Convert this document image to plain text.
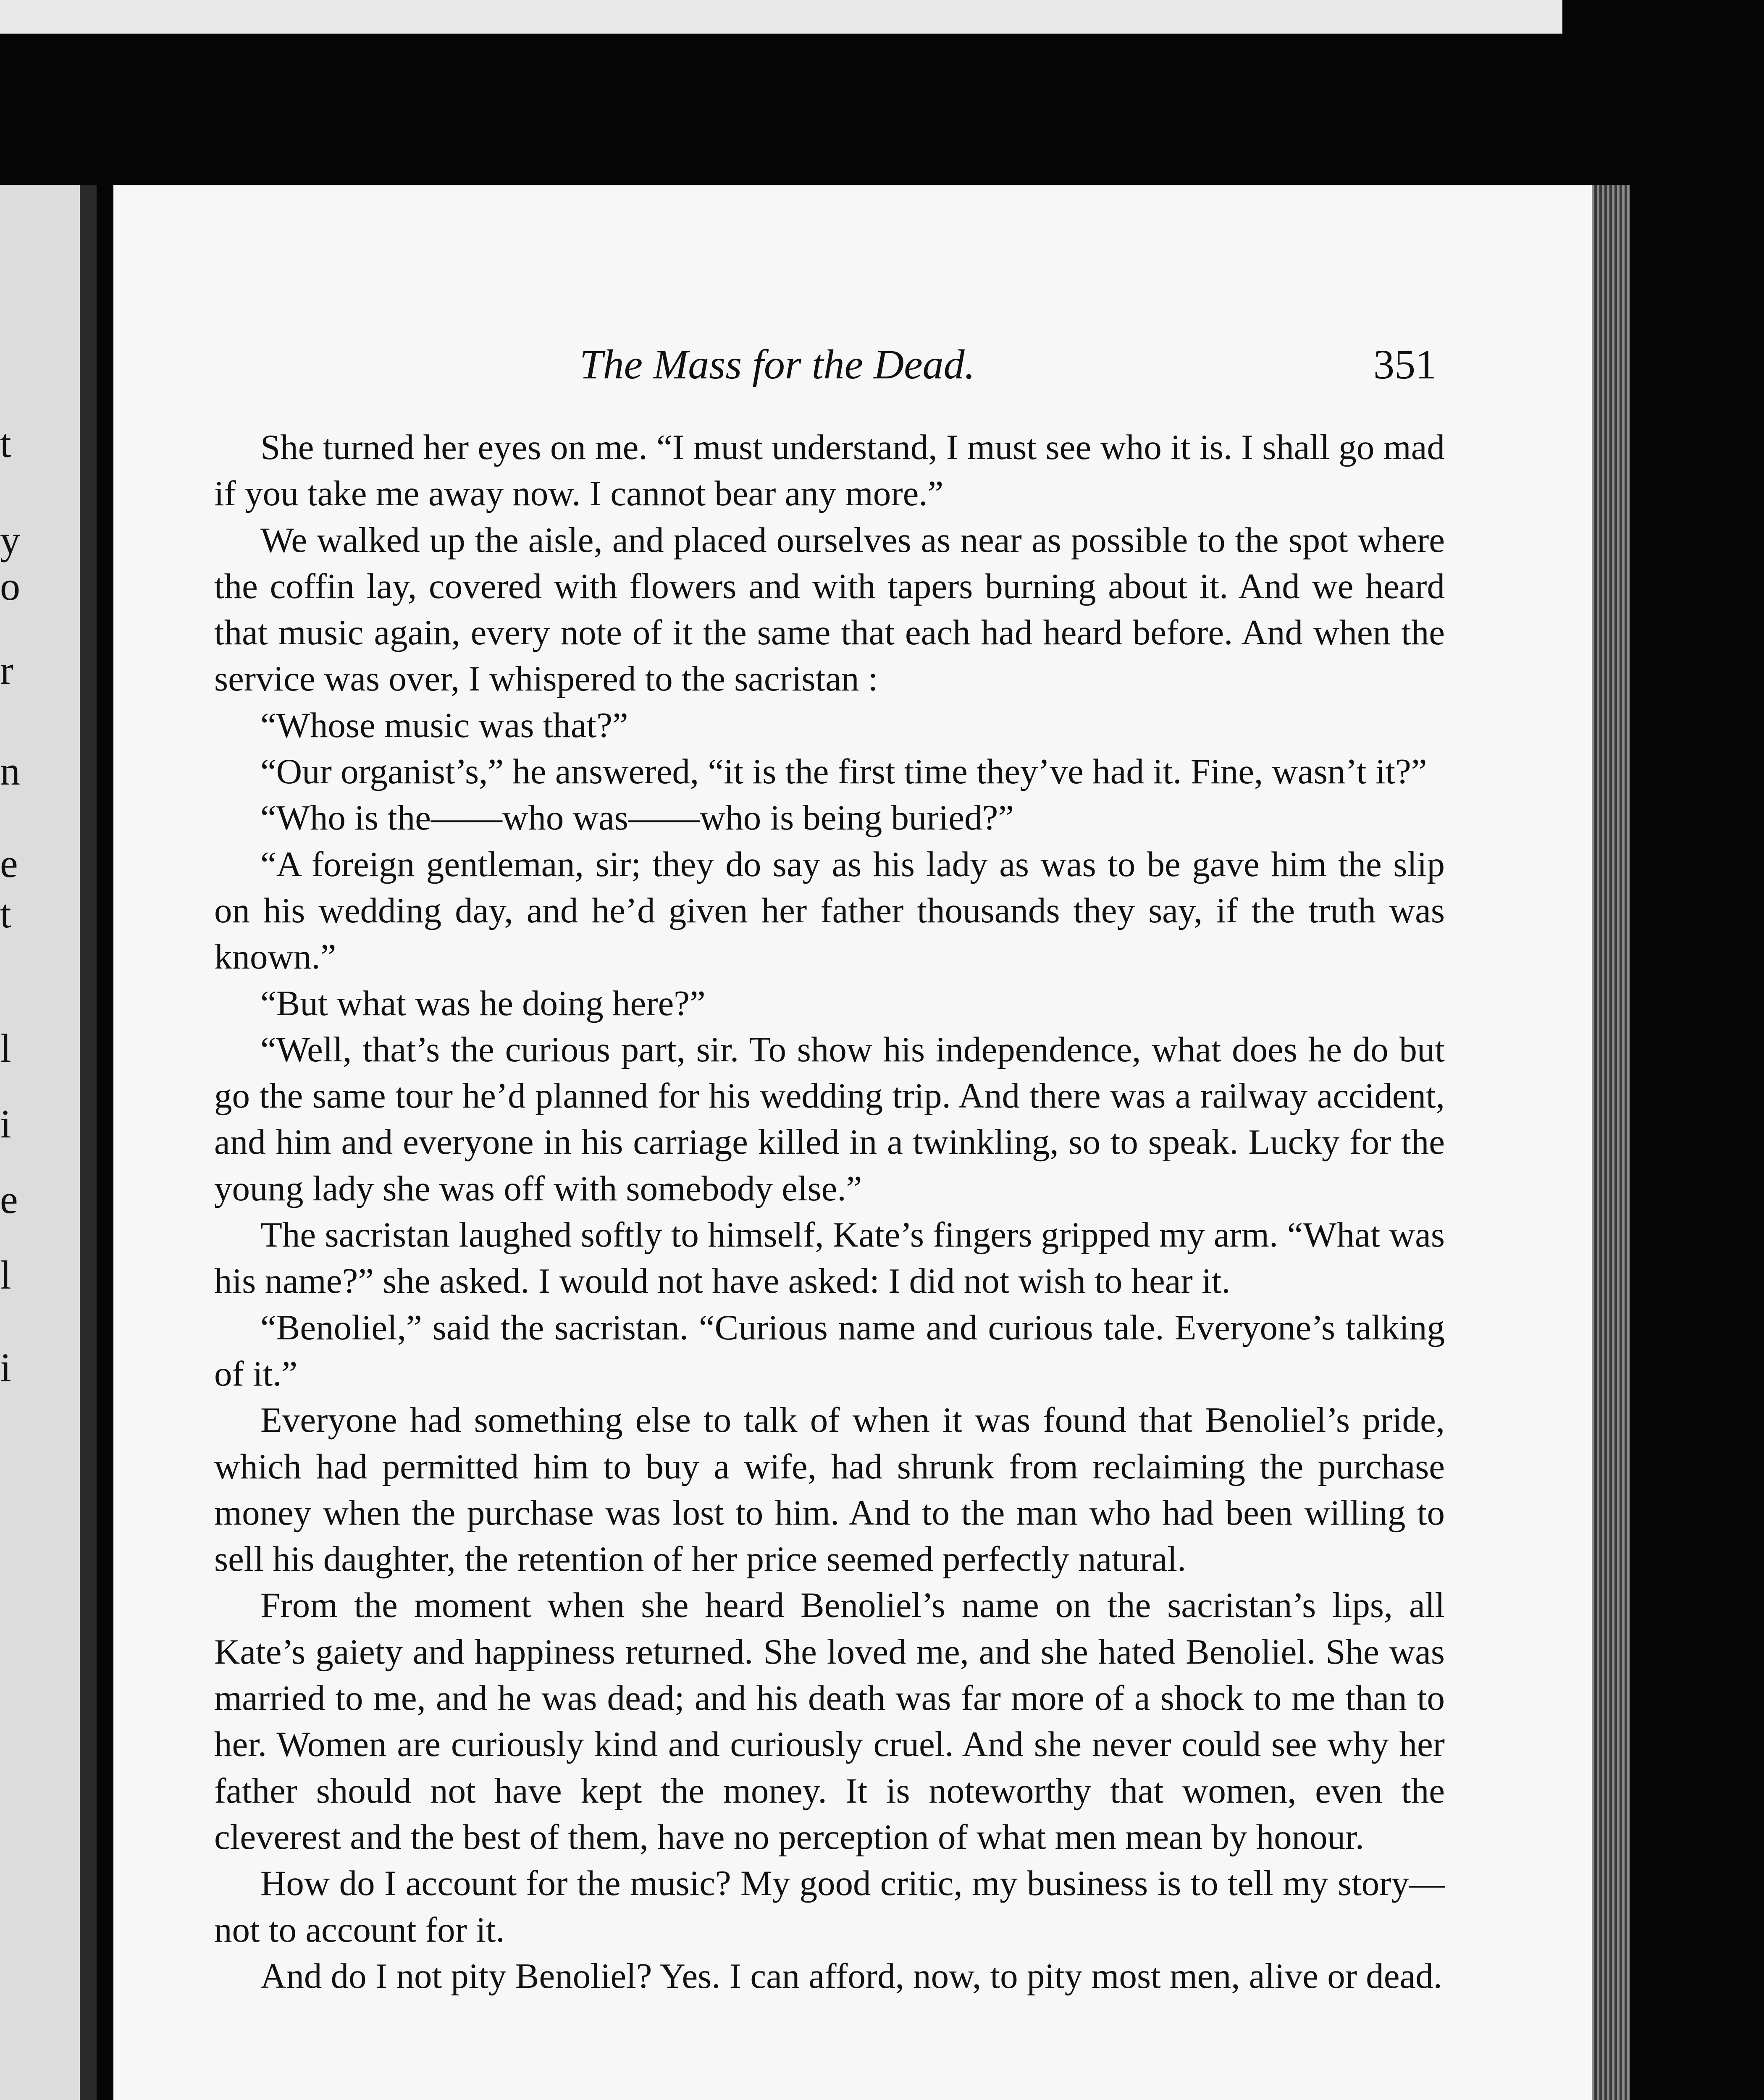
t
y
o
r
n
e
t
l
i
e
l
i
The Mass for the Dead.	351

She turned her eyes on me. “I must understand, I must see who it is. I shall go mad if you take me away now. I cannot bear any more.”

We walked up the aisle, and placed ourselves as near as possible to the spot where the coffin lay, covered with flowers and with tapers burning about it. And we heard that music again, every note of it the same that each had heard before. And when the service was over, I whispered to the sacristan :

“Whose music was that?”

“Our organist’s,” he answered, “it is the first time they’ve had it. Fine, wasn’t it?”

“Who is the——who was——who is being buried?”

“A foreign gentleman, sir; they do say as his lady as was to be gave him the slip on his wedding day, and he’d given her father thousands they say, if the truth was known.”

“But what was he doing here?”

“Well, that’s the curious part, sir. To show his independence, what does he do but go the same tour he’d planned for his wedding trip. And there was a railway accident, and him and everyone in his carriage killed in a twinkling, so to speak. Lucky for the young lady she was off with somebody else.”

The sacristan laughed softly to himself, Kate’s fingers gripped my arm. “What was his name?” she asked. I would not have asked: I did not wish to hear it.

“Benoliel,” said the sacristan. “Curious name and curious tale. Everyone’s talking of it.”

Everyone had something else to talk of when it was found that Benoliel’s pride, which had permitted him to buy a wife, had shrunk from reclaiming the purchase money when the purchase was lost to him. And to the man who had been willing to sell his daughter, the retention of her price seemed perfectly natural.

From the moment when she heard Benoliel’s name on the sacristan’s lips, all Kate’s gaiety and happiness returned. She loved me, and she hated Benoliel. She was married to me, and he was dead; and his death was far more of a shock to me than to her. Women are curiously kind and curiously cruel. And she never could see why her father should not have kept the money. It is noteworthy that women, even the cleverest and the best of them, have no perception of what men mean by honour.

How do I account for the music? My good critic, my business is to tell my story—not to account for it.

And do I not pity Benoliel? Yes. I can afford, now, to pity most men, alive or dead.
